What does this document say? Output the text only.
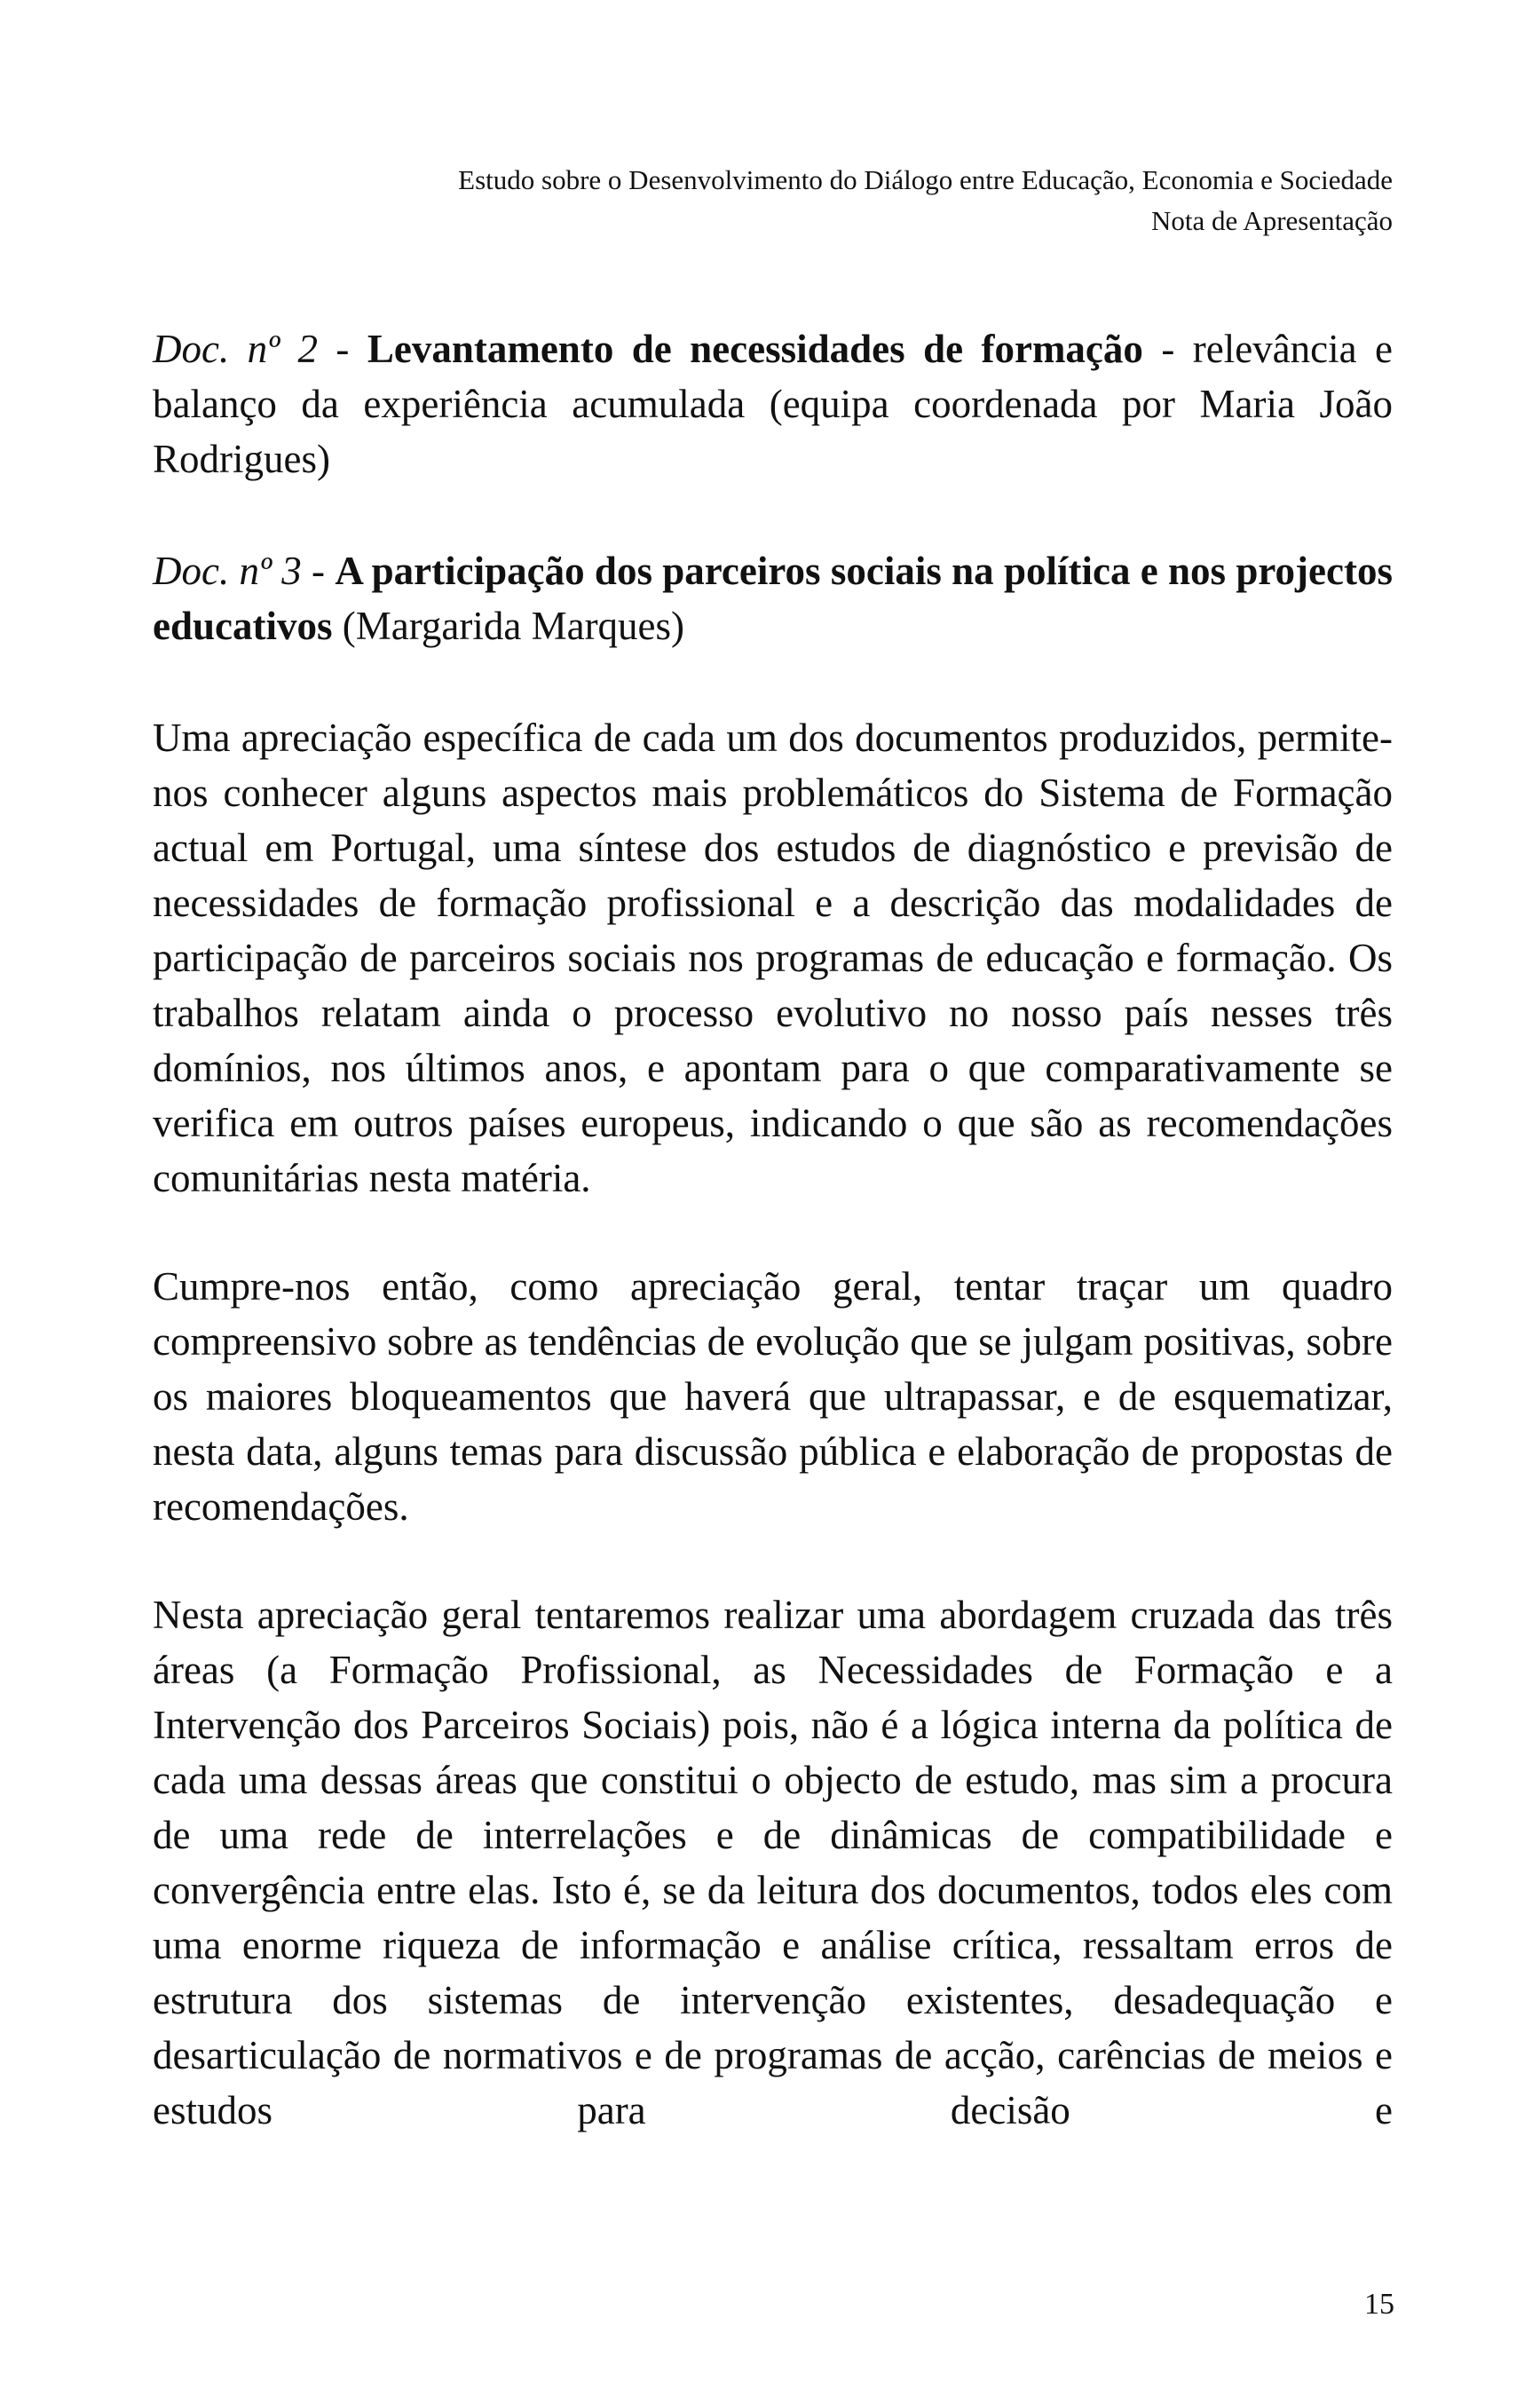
Estudo sobre o Desenvolvimento do Diálogo entre Educação, Economia e Sociedade
Nota de Apresentação

Doc. nº 2 - Levantamento de necessidades de formação - relevância e balanço da experiência acumulada (equipa coordenada por Maria João Rodrigues)

Doc. nº 3 - A participação dos parceiros sociais na política e nos projectos educativos (Margarida Marques)

Uma apreciação específica de cada um dos documentos produzidos, permite-nos conhecer alguns aspectos mais problemáticos do Sistema de Formação actual em Portugal, uma síntese dos estudos de diagnóstico e previsão de necessidades de formação profissional e a descrição das modalidades de participação de parceiros sociais nos programas de educação e formação. Os trabalhos relatam ainda o processo evolutivo no nosso país nesses três domínios, nos últimos anos, e apontam para o que comparativamente se verifica em outros países europeus, indicando o que são as recomendações comunitárias nesta matéria.

Cumpre-nos então, como apreciação geral, tentar traçar um quadro compreensivo sobre as tendências de evolução que se julgam positivas, sobre os maiores bloqueamentos que haverá que ultrapassar, e de esquematizar, nesta data, alguns temas para discussão pública e elaboração de propostas de recomendações.

Nesta apreciação geral tentaremos realizar uma abordagem cruzada das três áreas (a Formação Profissional, as Necessidades de Formação e a Intervenção dos Parceiros Sociais) pois, não é a lógica interna da política de cada uma dessas áreas que constitui o objecto de estudo, mas sim a procura de uma rede de interrelações e de dinâmicas de compatibilidade e convergência entre elas. Isto é, se da leitura dos documentos, todos eles com uma enorme riqueza de informação e análise crítica, ressaltam erros de estrutura dos sistemas de intervenção existentes, desadequação e desarticulação de normativos e de programas de acção, carências de meios e estudos para decisão e

15
